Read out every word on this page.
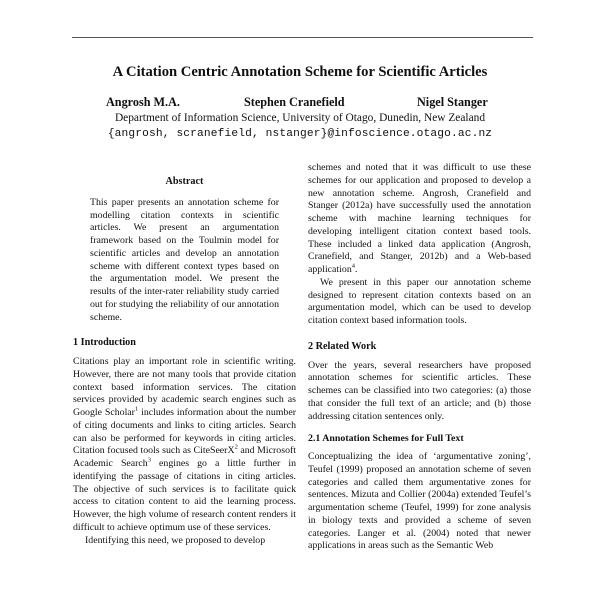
A Citation Centric Annotation Scheme for Scientific Articles
Angrosh M.A.	Stephen Cranefield	Nigel Stanger
Department of Information Science, University of Otago, Dunedin, New Zealand
{angrosh, scranefield, nstanger}@infoscience.otago.ac.nz
Abstract

This paper presents an annotation scheme for modelling citation contexts in scientific articles. We present an argumentation framework based on the Toulmin model for scientific articles and develop an annotation scheme with different context types based on the argumentation model. We present the results of the inter-rater reliability study carried out for studying the reliability of our annotation scheme.

1 Introduction

Citations play an important role in scientific writing. However, there are not many tools that provide citation context based information services. The citation services provided by academic search engines such as Google Scholar$^1$ includes information about the number of citing documents and links to citing articles. Search can also be performed for keywords in citing articles. Citation focused tools such as CiteSeerX$^2$ and Microsoft Academic Search$^3$ engines go a little further in identifying the passage of citations in citing articles. The objective of such services is to facilitate quick access to citation content to aid the learning process. However, the high volume of research content renders it difficult to achieve optimum use of these services.

Identifying this need, we proposed to develop

schemes and noted that it was difficult to use these schemes for our application and proposed to develop a new annotation scheme. Angrosh, Cranefield and Stanger (2012a) have successfully used the annotation scheme with machine learning techniques for developing intelligent citation context based tools. These included a linked data application (Angrosh, Cranefield, and Stanger, 2012b) and a Web-based application$^4$.

We present in this paper our annotation scheme designed to represent citation contexts based on an argumentation model, which can be used to develop citation context based information tools.

2 Related Work

Over the years, several researchers have proposed annotation schemes for scientific articles. These schemes can be classified into two categories: (a) those that consider the full text of an article; and (b) those addressing citation sentences only.

2.1 Annotation Schemes for Full Text

Conceptualizing the idea of ‘argumentative zoning’, Teufel (1999) proposed an annotation scheme of seven categories and called them argumentative zones for sentences. Mizuta and Collier (2004a) extended Teufel’s argumentation scheme (Teufel, 1999) for zone analysis in biology texts and provided a scheme of seven categories. Langer et al. (2004) noted that newer applications in areas such as the Semantic Web
